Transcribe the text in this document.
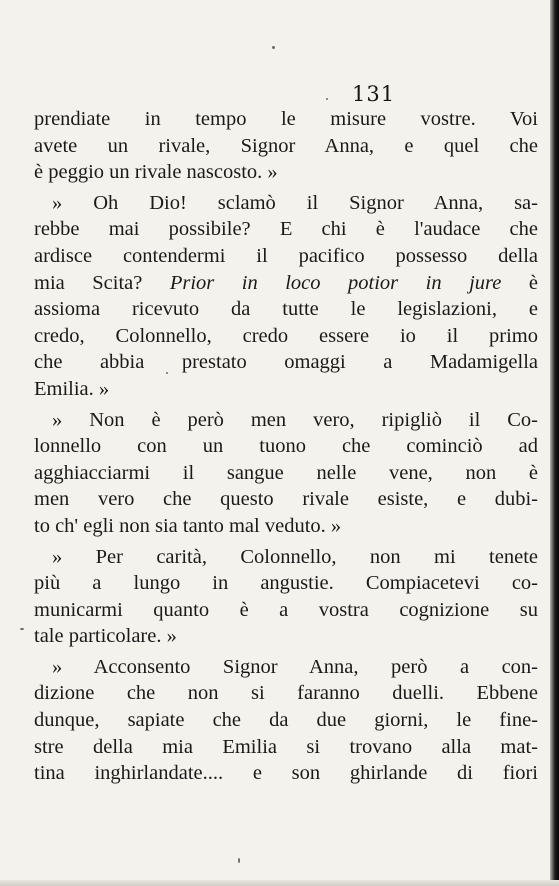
131
prendiate in tempo le misure vostre. Voi
avete un rivale, Signor Anna, e quel che
è peggio un rivale nascosto. »
» Oh Dio! sclamò il Signor Anna, sa-
rebbe mai possibile? E chi è l'audace che
ardisce contendermi il pacifico possesso della
mia Scita? Prior in loco potior in jure è
assioma ricevuto da tutte le legislazioni, e
credo, Colonnello, credo essere io il primo
che abbia prestato omaggi a Madamigella
Emilia. »
» Non è però men vero, ripigliò il Co-
lonnello con un tuono che cominciò ad
agghiacciarmi il sangue nelle vene, non è
men vero che questo rivale esiste, e dubi-
to ch' egli non sia tanto mal veduto. »
» Per carità, Colonnello, non mi tenete
più a lungo in angustie. Compiacetevi co-
municarmi quanto è a vostra cognizione su
tale particolare. »
» Acconsento Signor Anna, però a con-
dizione che non si faranno duelli. Ebbene
dunque, sapiate che da due giorni, le fine-
stre della mia Emilia si trovano alla mat-
tina inghirlandate.... e son ghirlande di fiori
